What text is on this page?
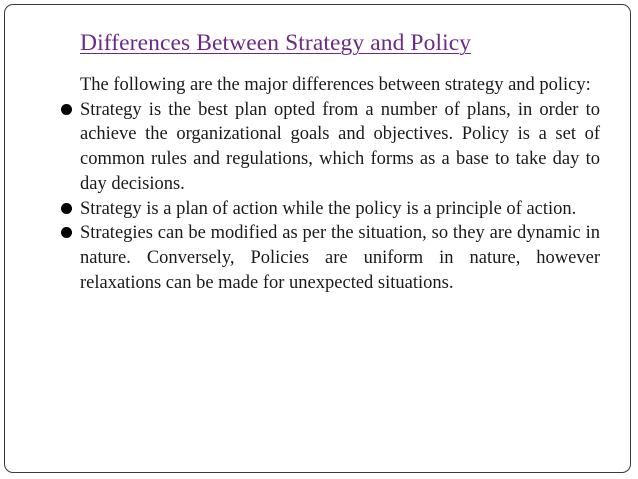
Differences Between Strategy and Policy

The following are the major differences between strategy and policy:

Strategy is the best plan opted from a number of plans, in order to achieve the organizational goals and objectives. Policy is a set of common rules and regulations, which forms as a base to take day to day decisions.
Strategy is a plan of action while the policy is a principle of action.
Strategies can be modified as per the situation, so they are dynamic in nature. Conversely, Policies are uniform in nature, however relaxations can be made for unexpected situations.
